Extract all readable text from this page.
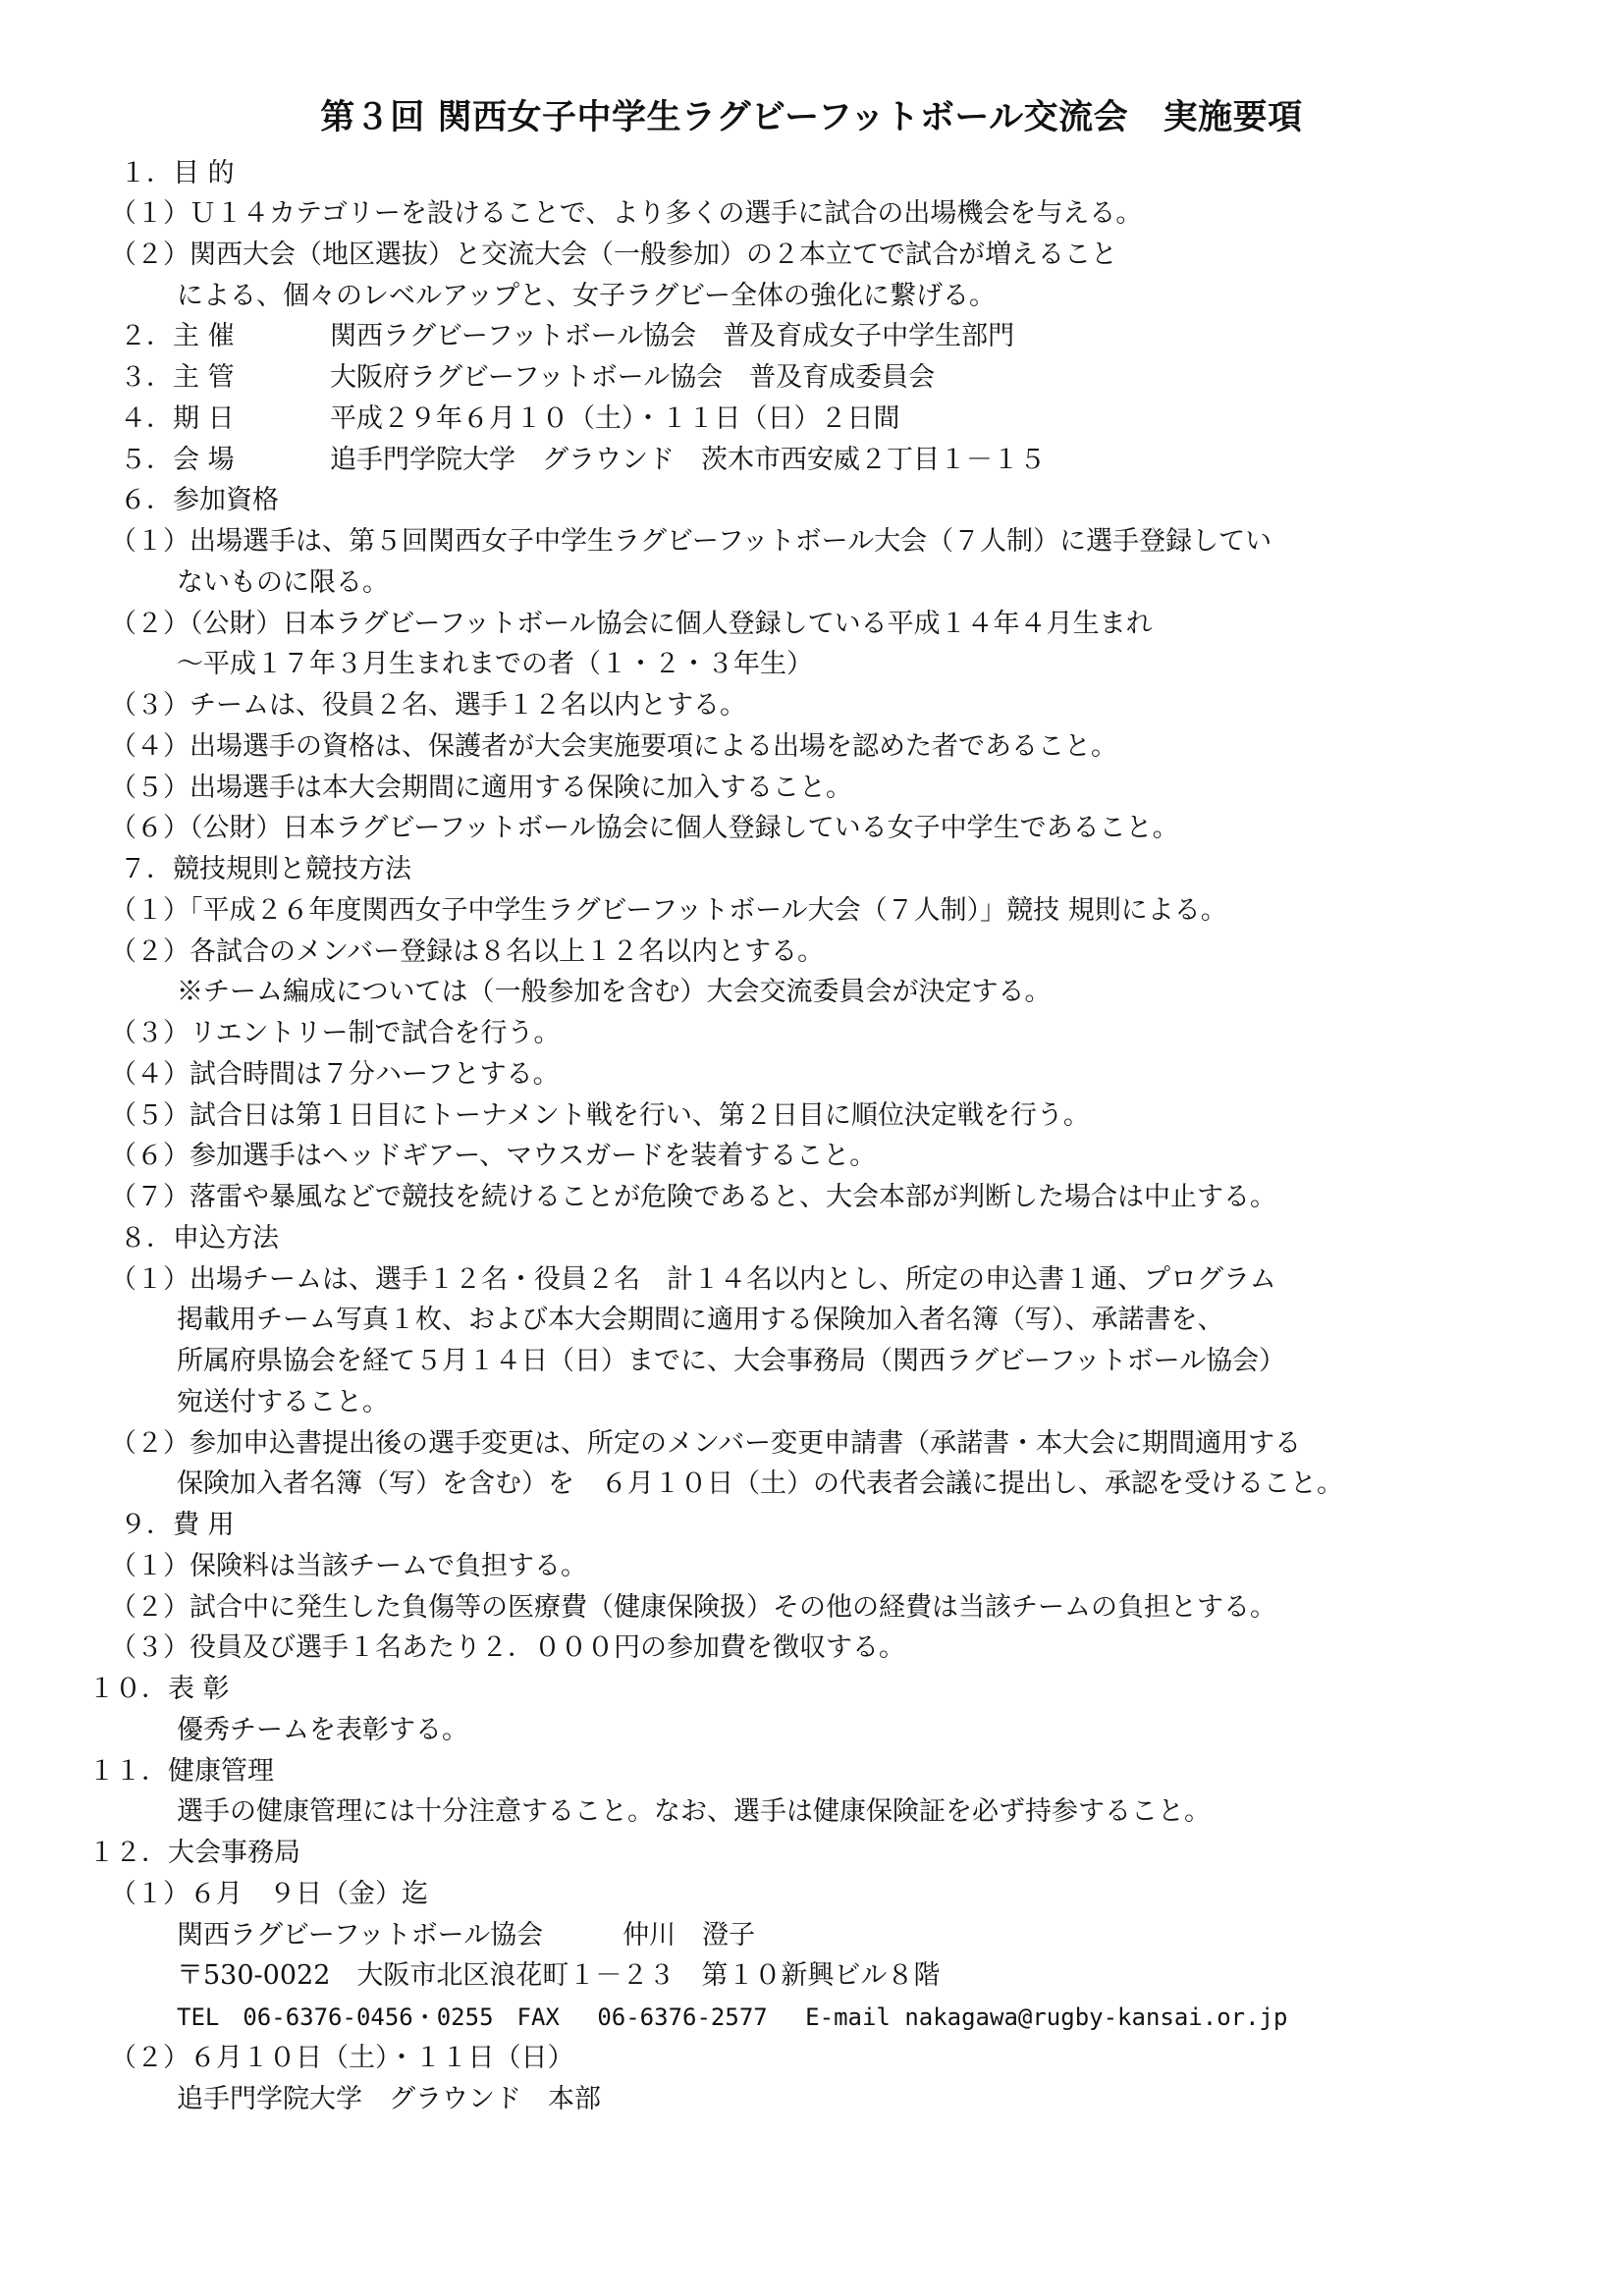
第３回 関西女子中学生ラグビーフットボール交流会　実施要項
１．目 的
（１）Ｕ１４カテゴリーを設けることで、より多くの選手に試合の出場機会を与える。
（２）関西大会（地区選抜）と交流大会（一般参加）の２本立てで試合が増えること
による、個々のレベルアップと、女子ラグビー全体の強化に繋げる。
２．主 催	関西ラグビーフットボール協会　普及育成女子中学生部門
３．主 管	大阪府ラグビーフットボール協会　普及育成委員会
４．期 日	平成２９年６月１０（土）・１１日（日）２日間
５．会 場	追手門学院大学　グラウンド　茨木市西安威２丁目１－１５
６．参加資格
（１）出場選手は、第５回関西女子中学生ラグビーフットボール大会（７人制）に選手登録してい
ないものに限る。
（２）（公財）日本ラグビーフットボール協会に個人登録している平成１４年４月生まれ
～平成１７年３月生まれまでの者（１・２・３年生）
（３）チームは、役員２名、選手１２名以内とする。
（４）出場選手の資格は、保護者が大会実施要項による出場を認めた者であること。
（５）出場選手は本大会期間に適用する保険に加入すること。
（６）（公財）日本ラグビーフットボール協会に個人登録している女子中学生であること。
７．競技規則と競技方法
（１）「平成２６年度関西女子中学生ラグビーフットボール大会（７人制）」競技 規則による。
（２）各試合のメンバー登録は８名以上１２名以内とする。
※チーム編成については（一般参加を含む）大会交流委員会が決定する。
（３）リエントリー制で試合を行う。
（４）試合時間は７分ハーフとする。
（５）試合日は第１日目にトーナメント戦を行い、第２日目に順位決定戦を行う。
（６）参加選手はヘッドギアー、マウスガードを装着すること。
（７）落雷や暴風などで競技を続けることが危険であると、大会本部が判断した場合は中止する。
８．申込方法
（１）出場チームは、選手１２名・役員２名　計１４名以内とし、所定の申込書１通、プログラム
掲載用チーム写真１枚、および本大会期間に適用する保険加入者名簿（写）、承諾書を、
所属府県協会を経て５月１４日（日）までに、大会事務局（関西ラグビーフットボール協会）
宛送付すること。
（２）参加申込書提出後の選手変更は、所定のメンバー変更申請書（承諾書・本大会に期間適用する
保険加入者名簿（写）を含む）を　６月１０日（土）の代表者会議に提出し、承認を受けること。
９．費 用
（１）保険料は当該チームで負担する。
（２）試合中に発生した負傷等の医療費（健康保険扱）その他の経費は当該チームの負担とする。
（３）役員及び選手１名あたり２．０００円の参加費を徴収する。
１０．表 彰
優秀チームを表彰する。
１１．健康管理
選手の健康管理には十分注意すること。なお、選手は健康保険証を必ず持参すること。
１２．大会事務局
（１）６月　９日（金）迄
関西ラグビーフットボール協会　　　仲川　澄子
〒530-0022　大阪市北区浪花町１－２３　第１０新興ビル８階
TEL　06-6376-0456・0255　FAX　 06-6376-2577　 E-mail nakagawa@rugby-kansai.or.jp
（２）６月１０日（土）・１１日（日）
追手門学院大学　グラウンド　本部
